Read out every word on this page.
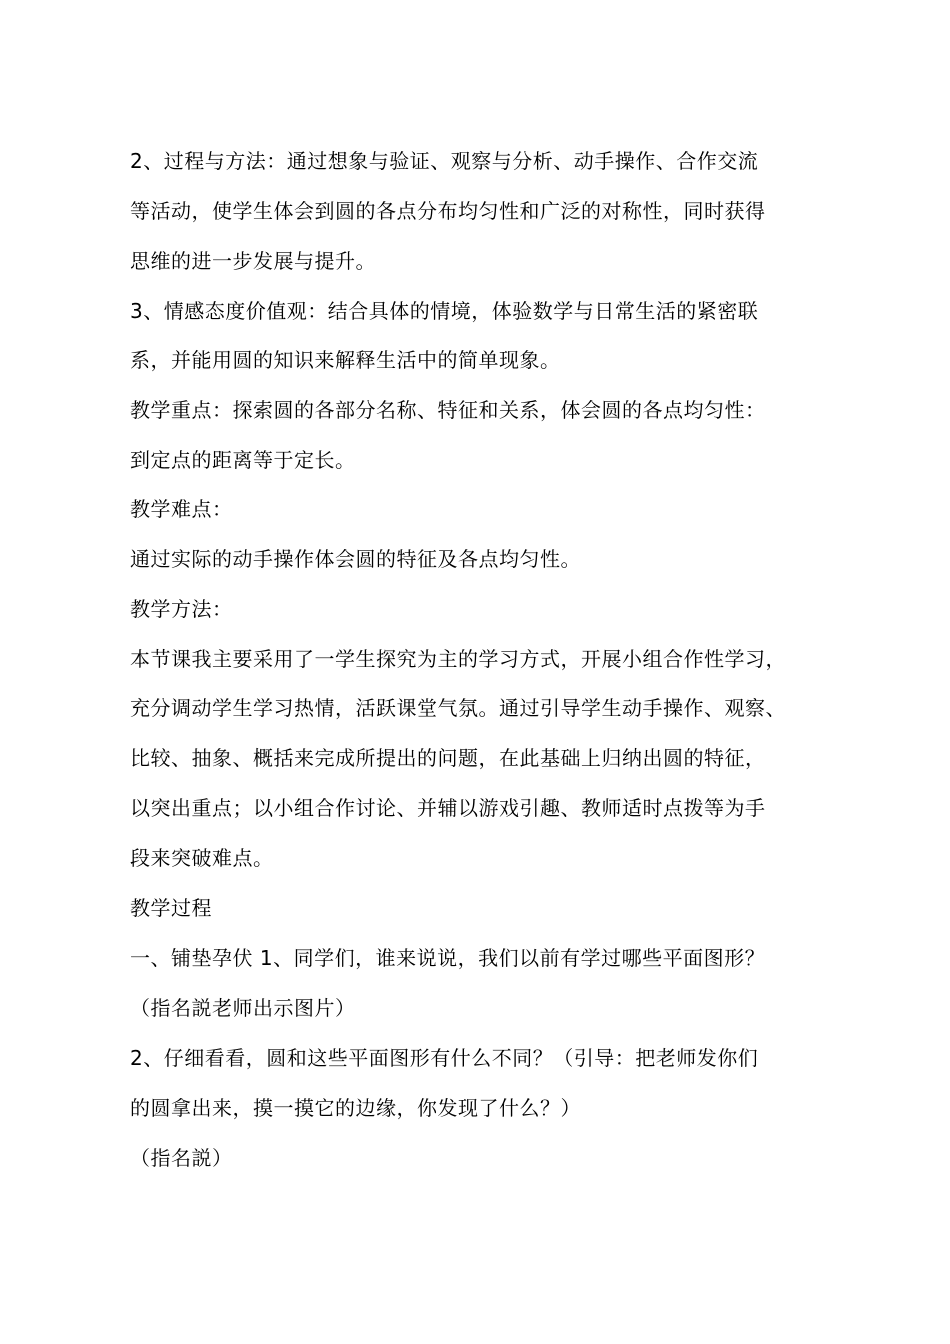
2、过程与方法：通过想象与验证、观察与分析、动手操作、合作交流
等活动，使学生体会到圆的各点分布均匀性和广泛的对称性，同时获得
思维的进一步发展与提升。
3、情感态度价值观：结合具体的情境，体验数学与日常生活的紧密联
系，并能用圆的知识来解释生活中的简单现象。
教学重点：探索圆的各部分名称、特征和关系，体会圆的各点均匀性：
到定点的距离等于定长。
教学难点：
通过实际的动手操作体会圆的特征及各点均匀性。
教学方法：
本节课我主要采用了一学生探究为主的学习方式，开展小组合作性学习，
充分调动学生学习热情，活跃课堂气氛。通过引导学生动手操作、观察、
比较、抽象、概括来完成所提出的问题，在此基础上归纳出圆的特征，
以突出重点；以小组合作讨论、并辅以游戏引趣、教师适时点拨等为手
段来突破难点。
教学过程
一、铺垫孕伏 1、同学们，谁来说说，我们以前有学过哪些平面图形？
（指名説老师出示图片）
2、仔细看看，圆和这些平面图形有什么不同？（引导：把老师发你们
的圆拿出来，摸一摸它的边缘，你发现了什么？）
（指名説）
